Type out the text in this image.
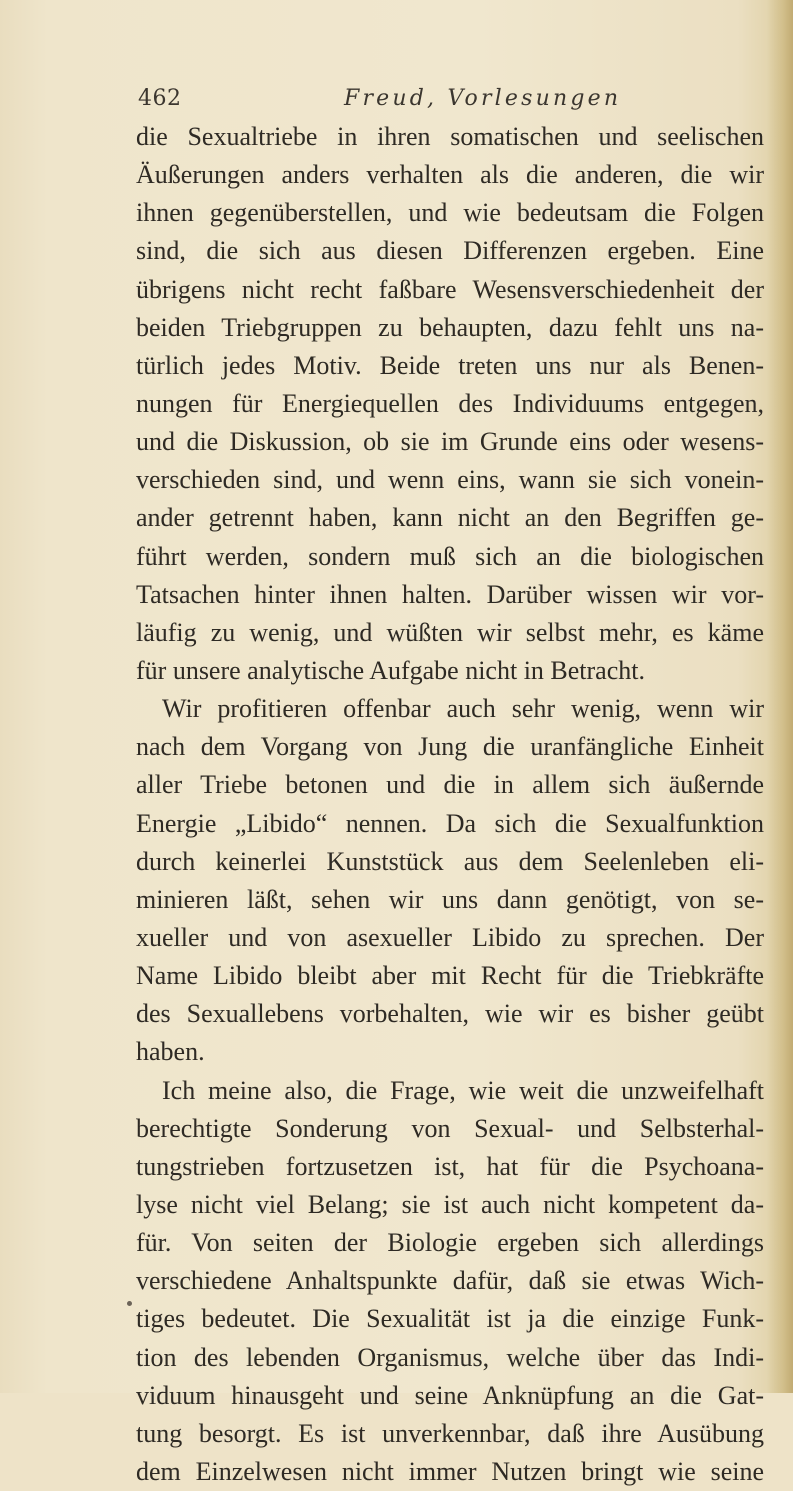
462	Freud, Vorlesungen
die Sexualtriebe in ihren somatischen und seelischen
Äußerungen anders verhalten als die anderen, die wir
ihnen gegenüberstellen, und wie bedeutsam die Folgen
sind, die sich aus diesen Differenzen ergeben. Eine
übrigens nicht recht faßbare Wesensverschiedenheit der
beiden Triebgruppen zu behaupten, dazu fehlt uns na-
türlich jedes Motiv. Beide treten uns nur als Benen-
nungen für Energiequellen des Individuums entgegen,
und die Diskussion, ob sie im Grunde eins oder wesens-
verschieden sind, und wenn eins, wann sie sich vonein-
ander getrennt haben, kann nicht an den Begriffen ge-
führt werden, sondern muß sich an die biologischen
Tatsachen hinter ihnen halten. Darüber wissen wir vor-
läufig zu wenig, und wüßten wir selbst mehr, es käme
für unsere analytische Aufgabe nicht in Betracht.
Wir profitieren offenbar auch sehr wenig, wenn wir
nach dem Vorgang von Jung die uranfängliche Einheit
aller Triebe betonen und die in allem sich äußernde
Energie „Libido“ nennen. Da sich die Sexualfunktion
durch keinerlei Kunststück aus dem Seelenleben eli-
minieren läßt, sehen wir uns dann genötigt, von se-
xueller und von asexueller Libido zu sprechen. Der
Name Libido bleibt aber mit Recht für die Triebkräfte
des Sexuallebens vorbehalten, wie wir es bisher geübt
haben.
Ich meine also, die Frage, wie weit die unzweifelhaft
berechtigte Sonderung von Sexual- und Selbsterhal-
tungstrieben fortzusetzen ist, hat für die Psychoana-
lyse nicht viel Belang; sie ist auch nicht kompetent da-
für. Von seiten der Biologie ergeben sich allerdings
verschiedene Anhaltspunkte dafür, daß sie etwas Wich-
tiges bedeutet. Die Sexualität ist ja die einzige Funk-
tion des lebenden Organismus, welche über das Indi-
viduum hinausgeht und seine Anknüpfung an die Gat-
tung besorgt. Es ist unverkennbar, daß ihre Ausübung
dem Einzelwesen nicht immer Nutzen bringt wie seine
